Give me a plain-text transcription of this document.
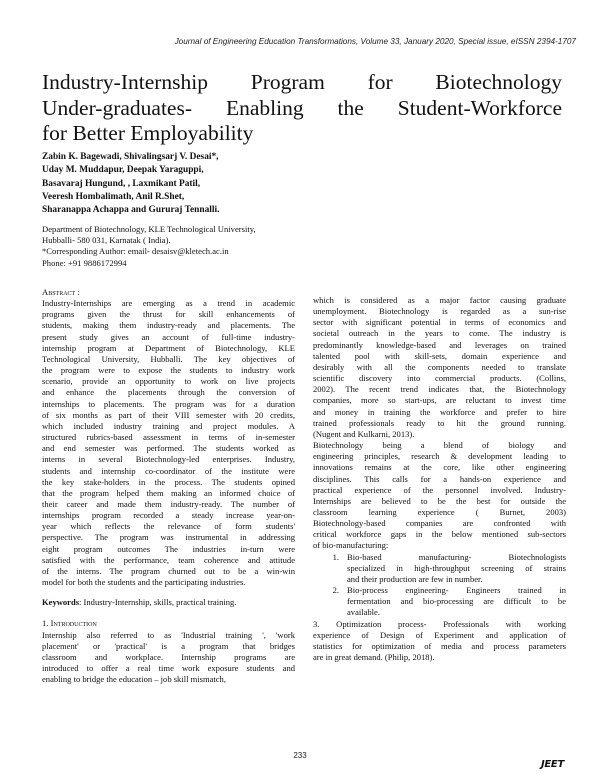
Journal of Engineering Education Transformations, Volume 33, January 2020, Special issue, eISSN 2394-1707
Industry-Internship Program for Biotechnology
Under-graduates- Enabling the Student-Workforce
for Better Employability
Zabin K. Bagewadi, Shivalingsarj V. Desai*,
Uday M. Muddapur, Deepak Yaraguppi,
Basavaraj Hungund, , Laxmikant Patil,
Veeresh Hombalimath, Anil R.Shet,
Sharanappa Achappa and Gururaj Tennalli.
Department of Biotechnology, KLE Technological University,
Hubballi- 580 031, Karnatak ( India).
*Corresponding Author: email- desaisv@kletech.ac.in
Phone: +91 9886172994
Abstract :
Industry-Internships are emerging as a trend in academic
programs given the thrust for skill enhancements of
students, making them industry-ready and placements. The
present study gives an account of full-time industry-
internship program at Department of Biotechnology, KLE
Technological University, Hubballi. The key objectives of
the program were to expose the students to industry work
scenario, provide an opportunity to work on live projects
and enhance the placements through the conversion of
internships to placements. The program was for a duration
of six months as part of their VIII semester with 20 credits,
which included industry training and project modules. A
structured rubrics-based assessment in terms of in-semester
and end semester was performed. The students worked as
interns in several Biotechnology-led enterprises. Industry,
students and internship co-coordinator of the institute were
the key stake-holders in the process. The students opined
that the program helped them making an informed choice of
their career and made them industry-ready. The number of
internships program recorded a steady increase year-on-
year which reflects the relevance of form students'
perspective. The program was instrumental in addressing
eight program outcomes The industries in-turn were
satisfied with the performance, team coherence and attitude
of the interns. The program churned out to be a win-win
model for both the students and the participating industries.
Keywords: Industry-Internship, skills, practical training.
1. Introduction
Internship also referred to as 'Industrial training ', 'work
placement' or 'practical' is a program that bridges
classroom and workplace. Internship programs are
introduced to offer a real time work exposure students and
enabling to bridge the education – job skill mismatch,
which is considered as a major factor causing graduate
unemployment. Biotechnology is regarded as a sun-rise
sector with significant potential in terms of economics and
societal outreach in the years to come. The industry is
predominantly knowledge-based and leverages on trained
talented pool with skill-sets, domain experience and
desirably with all the components needed to translate
scientific discovery into commercial products. (Collins,
2002). The recent trend indicates that, the Biotechnology
companies, more so start-ups, are reluctant to invest time
and money in training the workforce and prefer to hire
trained professionals ready to hit the ground running.
(Nugent and Kulkarni, 2013).
Biotechnology being a blend of biology and
engineering principles, research & development leading to
innovations remains at the core, like other engineering
disciplines. This calls for a hands-on experience and
practical experience of the personnel involved. Industry-
Internships are believed to be the best for outside the
classroom learning experience ( Burnet, 2003)
Biotechnology-based companies are confronted with
critical workforce gaps in the below mentioned sub-sectors
of bio-manufacturing:
1. Bio-based manufacturing- Biotechnologists
specialized in high-throughput screening of strains
and their production are few in number.
2. Bio-process engineering- Engineers trained in
fermentation and bio-processing are difficult to be
available.
3. Optimization process- Professionals with working
experience of Design of Experiment and application of
statistics for optimization of media and process parameters
are in great demand. (Philip, 2018).
233
JEET
